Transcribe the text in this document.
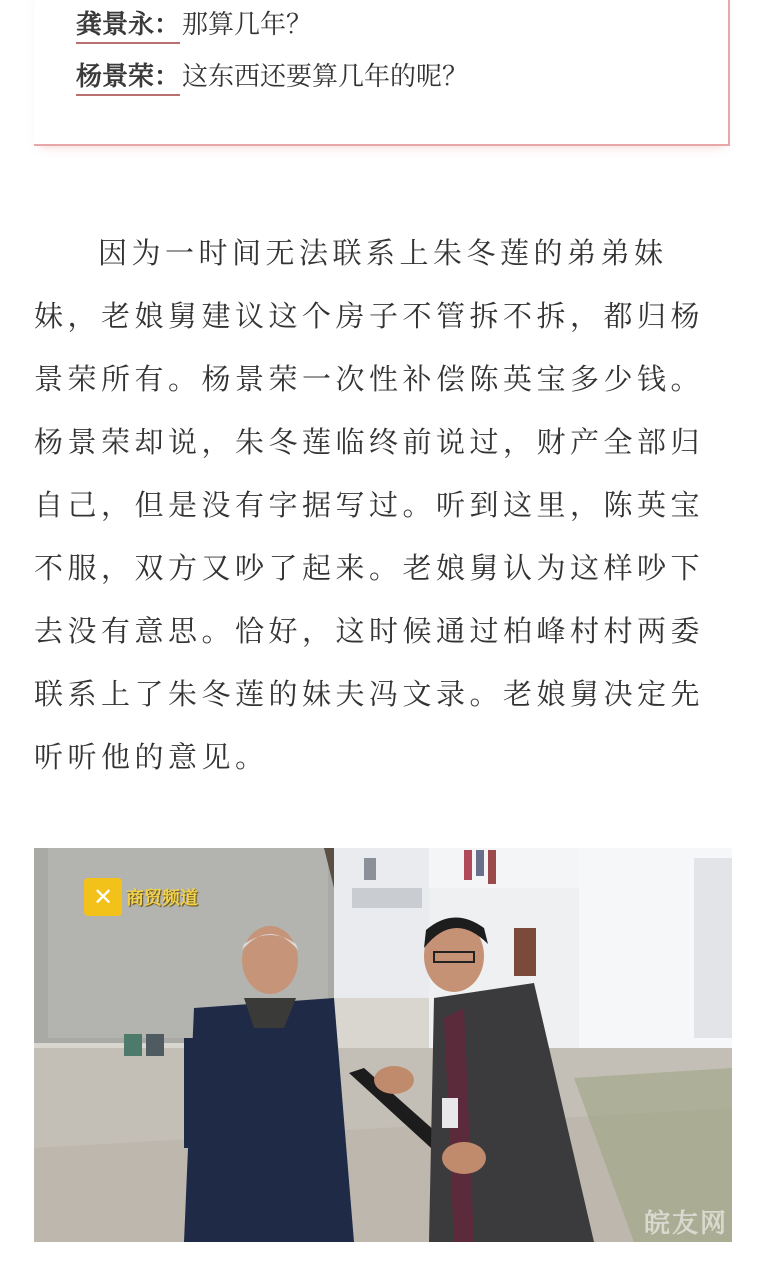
龚景永：那算几年？
杨景荣：这东西还要算几年的呢？

因为一时间无法联系上朱冬莲的弟弟妹
妹，老娘舅建议这个房子不管拆不拆，都归杨
景荣所有。杨景荣一次性补偿陈英宝多少钱。
杨景荣却说，朱冬莲临终前说过，财产全部归
自己，但是没有字据写过。听到这里，陈英宝
不服，双方又吵了起来。老娘舅认为这样吵下
去没有意思。恰好，这时候通过柏峰村村两委
联系上了朱冬莲的妹夫冯文录。老娘舅决定先
听听他的意见。

✕ 商贸频道
皖友网
